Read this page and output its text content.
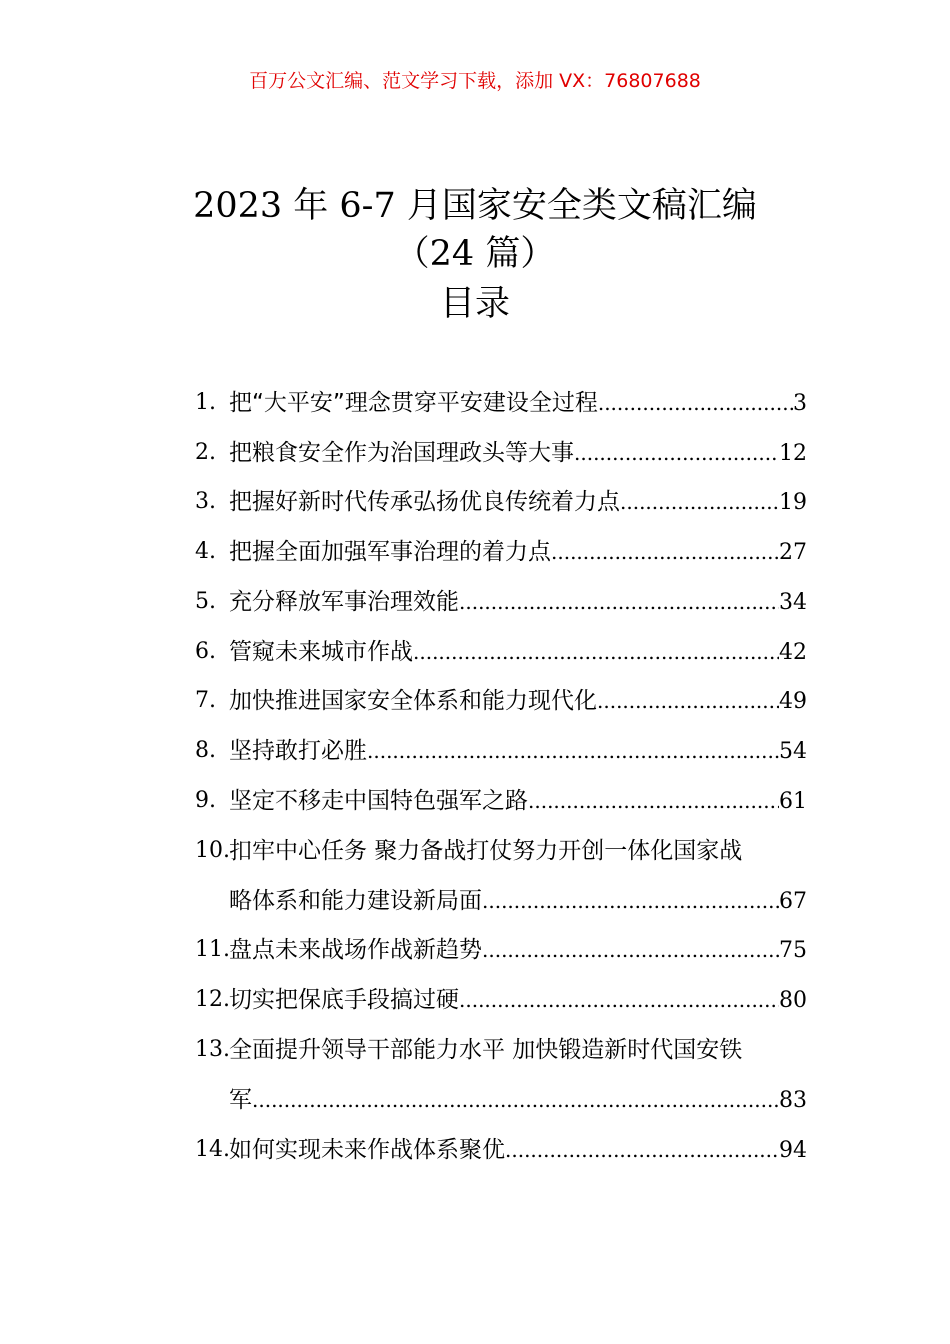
百万公文汇编、范文学习下载，添加 VX：76807688
2023 年 6-7 月国家安全类文稿汇编
（24 篇）
目录
1. 把“大平安”理念贯穿平安建设全过程 .....	3
2. 把粮食安全作为治国理政头等大事 .....	12
3. 把握好新时代传承弘扬优良传统着力点 .....	19
4. 把握全面加强军事治理的着力点 .....	27
5. 充分释放军事治理效能 .....	34
6. 管窥未来城市作战 .....	42
7. 加快推进国家安全体系和能力现代化 .....	49
8. 坚持敢打必胜 .....	54
9. 坚定不移走中国特色强军之路 .....	61
10. 扣牢中心任务 聚力备战打仗努力开创一体化国家战
略体系和能力建设新局面 .....	67
11. 盘点未来战场作战新趋势 .....	75
12. 切实把保底手段搞过硬 .....	80
13. 全面提升领导干部能力水平 加快锻造新时代国安铁
军 .....	83
14. 如何实现未来作战体系聚优 .....	94
